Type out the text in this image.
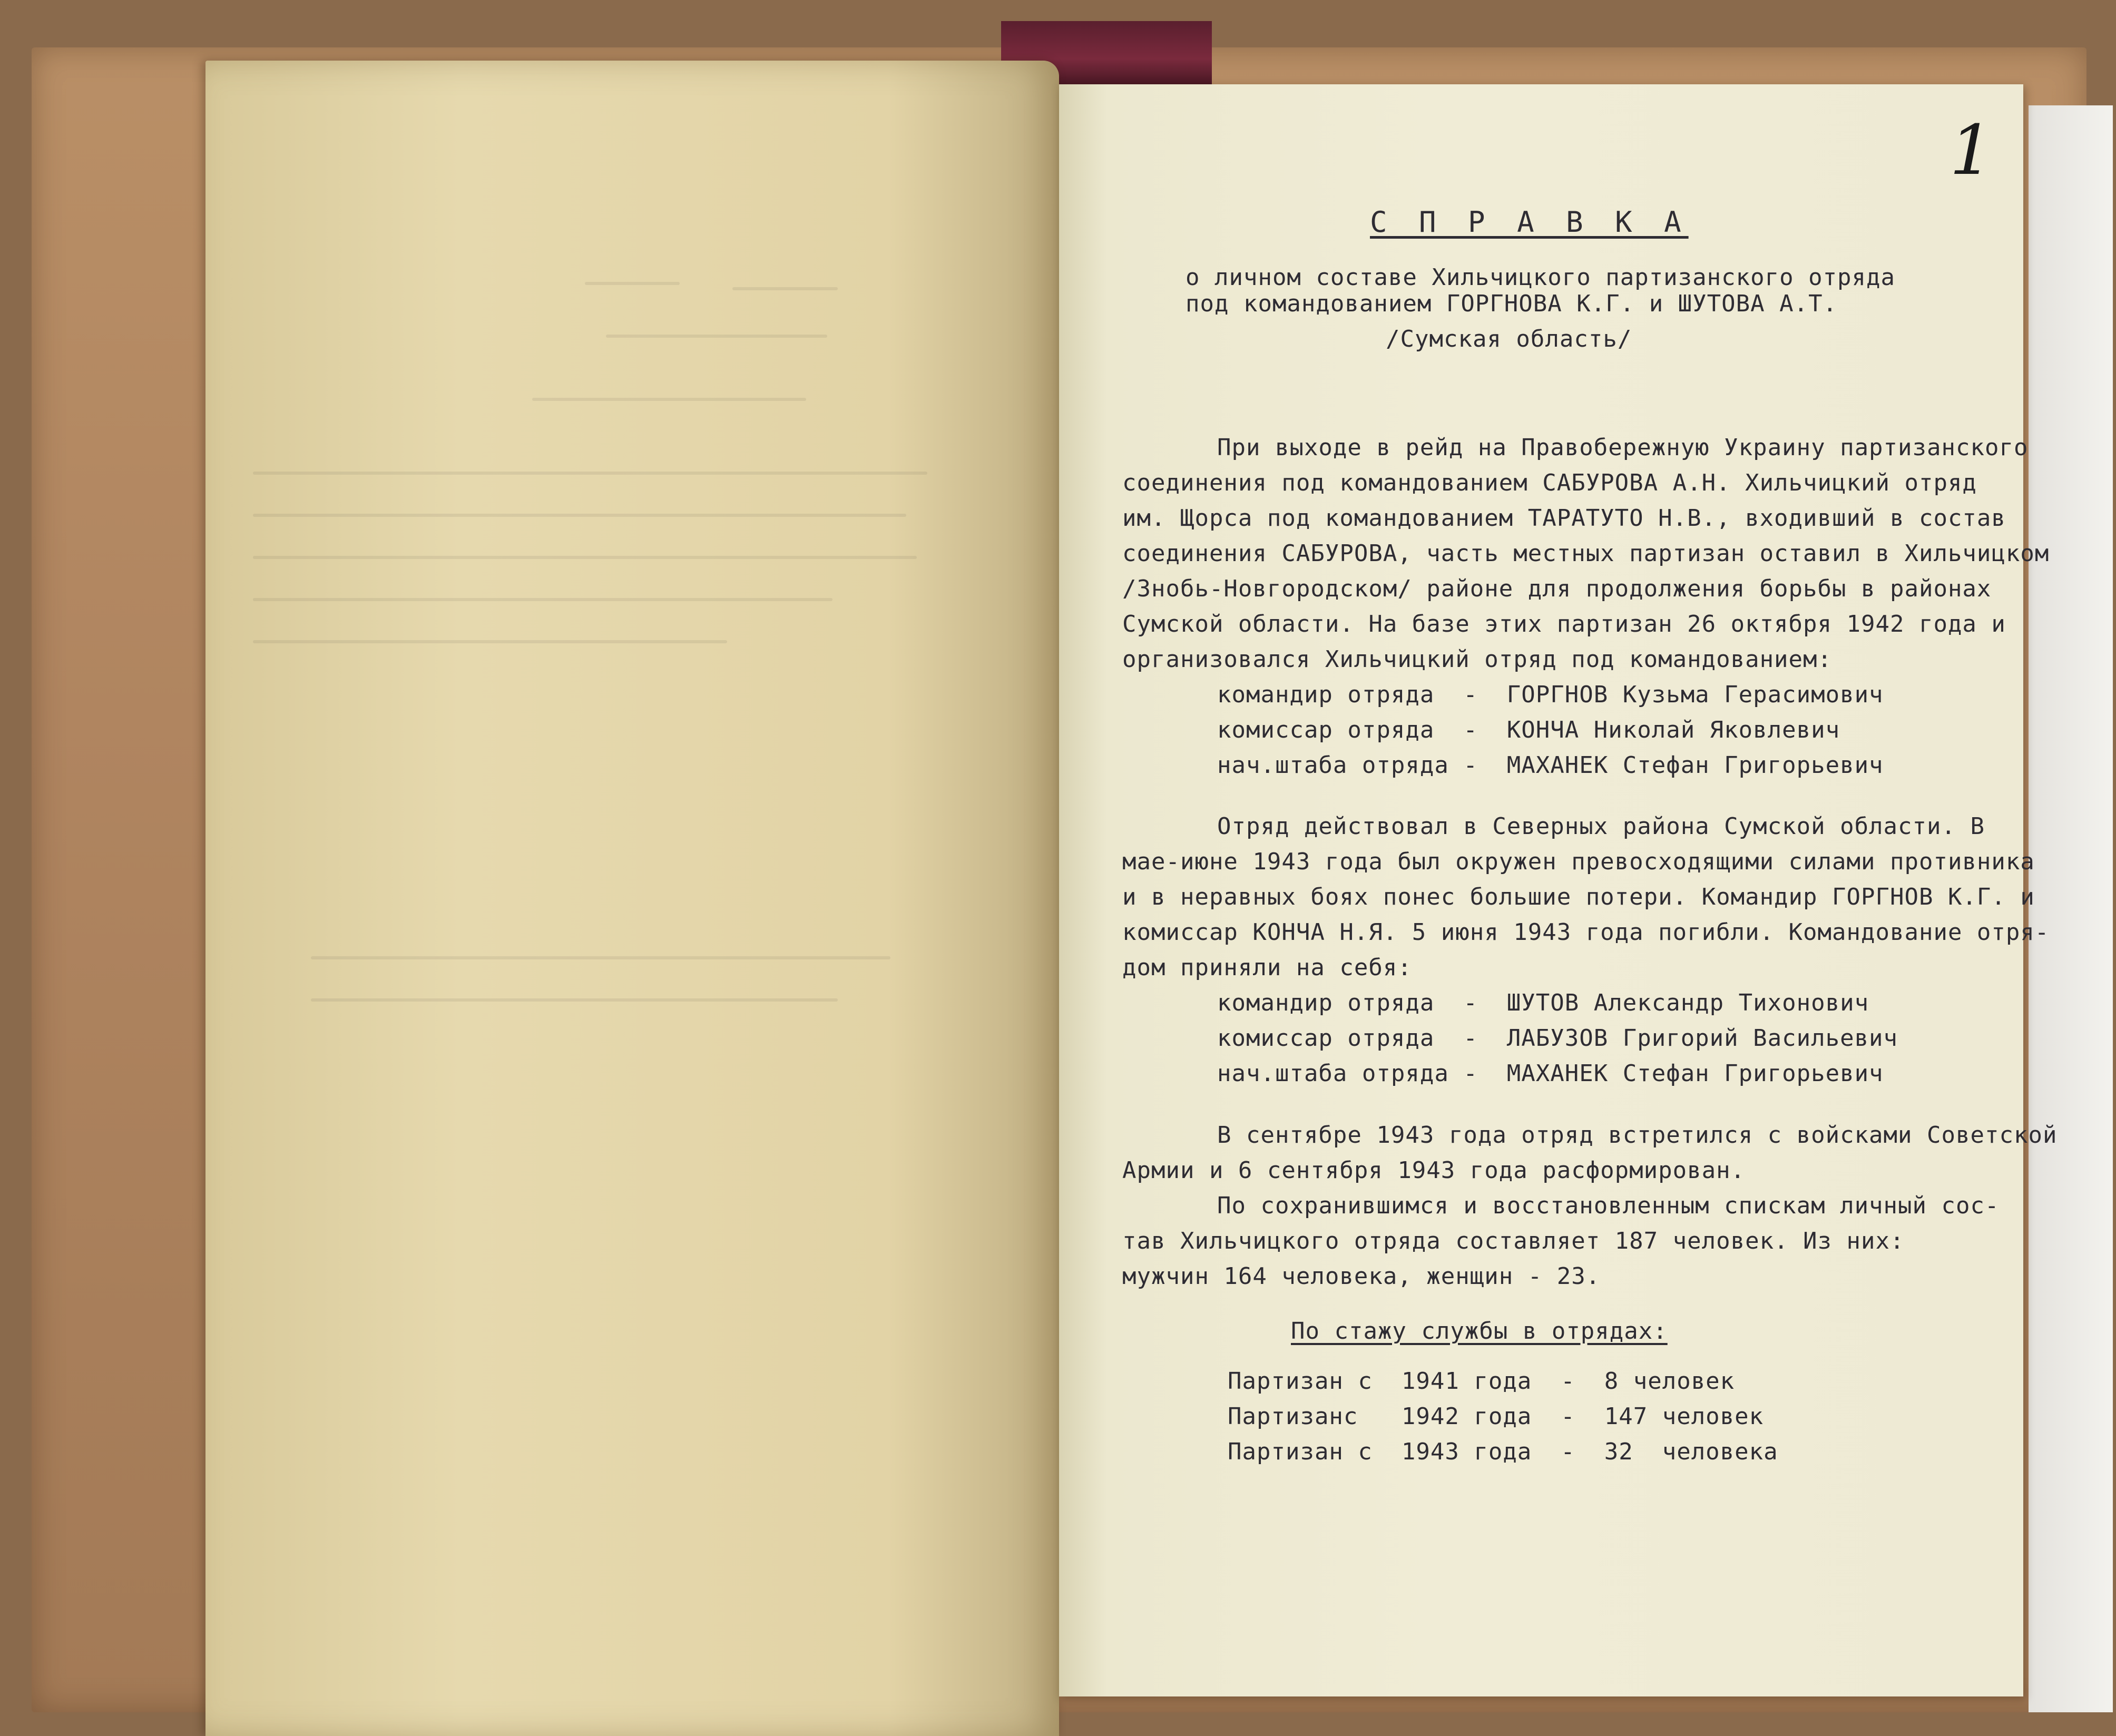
1
С П Р А В К А
о личном составе Хильчицкого партизанского отряда
под командованием ГОРГНОВА К.Г. и ШУТОВА А.Т.
/Сумская область/
При выходе в рейд на Правобережную Украину партизанского
соединения под командованием САБУРОВА А.Н. Хильчицкий отряд
им. Щорса под командованием ТАРАТУТО Н.В., входивший в состав
соединения САБУРОВА, часть местных партизан оставил в Хильчицком
/Знобь-Новгородском/ районе для продолжения борьбы в районах
Сумской области. На базе этих партизан 26 октября 1942 года и
организовался Хильчицкий отряд под командованием:
командир отряда  -  ГОРГНОВ Кузьма Герасимович
комиссар отряда  -  КОНЧА Николай Яковлевич
нач.штаба отряда -  МАХАНЕК Стефан Григорьевич
Отряд действовал в Северных района Сумской области. В
мае-июне 1943 года был окружен превосходящими силами противника
и в неравных боях понес большие потери. Командир ГОРГНОВ К.Г. и
комиссар КОНЧА Н.Я. 5 июня 1943 года погибли. Командование отря-
дом приняли на себя:
командир отряда  -  ШУТОВ Александр Тихонович
комиссар отряда  -  ЛАБУЗОВ Григорий Васильевич
нач.штаба отряда -  МАХАНЕК Стефан Григорьевич
В сентябре 1943 года отряд встретился с войсками Советской
Армии и 6 сентября 1943 года расформирован.
По сохранившимся и восстановленным спискам личный сос-
тав Хильчицкого отряда составляет 187 человек. Из них:
мужчин 164 человека, женщин - 23.
По стажу службы в отрядах:
Партизан с  1941 года  -  8 человек
Партизанс   1942 года  -  147 человек
Партизан с  1943 года  -  32  человека
